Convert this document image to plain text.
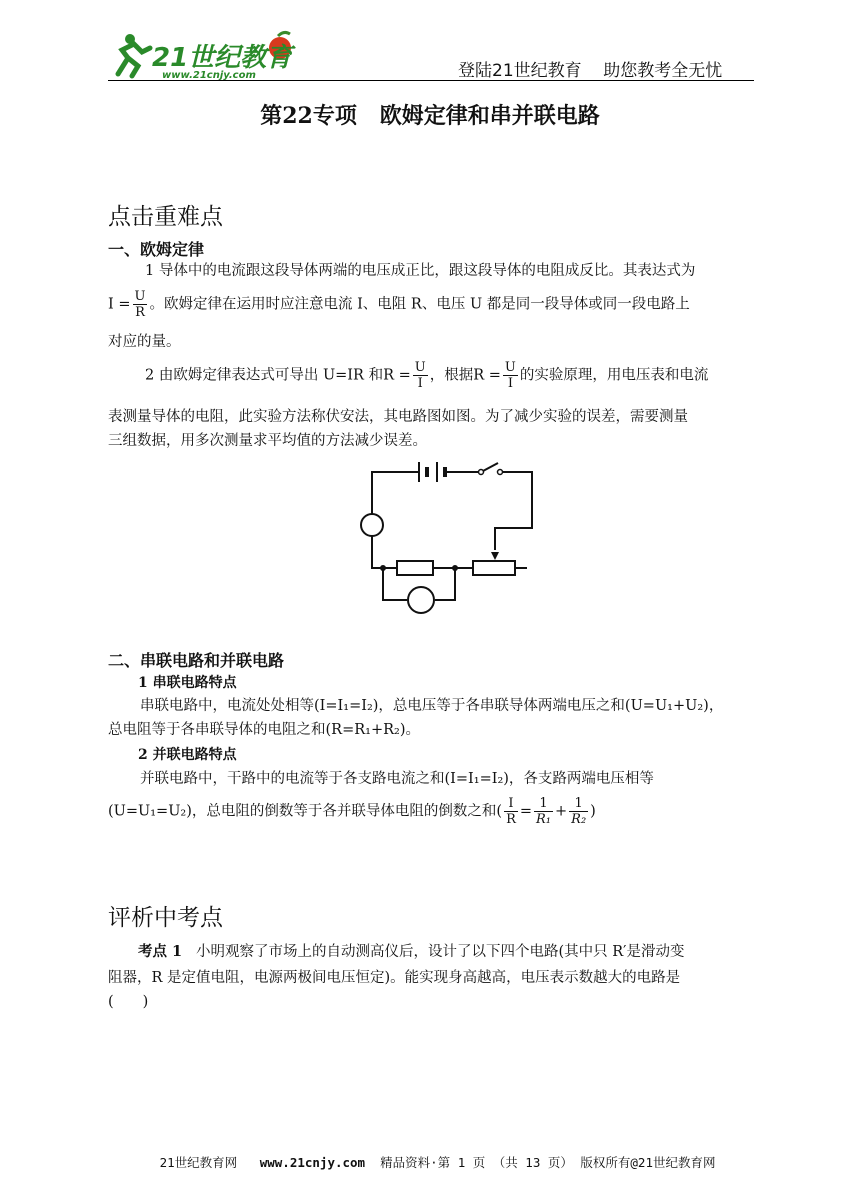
21世纪教育
www.21cnjy.com	登陆21世纪教育    助您教考全无忧
第22专项   欧姆定律和串并联电路
点击重难点
一、欧姆定律
1 导体中的电流跟这段导体两端的电压成正比，跟这段导体的电阻成反比。其表达式为
$I = \frac{U}{R}$ 。欧姆定律在运用时应注意电流 I、电阻 R、电压 U 都是同一段导体或同一段电路上
对应的量。
2 由欧姆定律表达式可导出 U=IR 和$R = \frac{U}{I}$ ，根据$R = \frac{U}{I}$ 的实验原理，用电压表和电流
表测量导体的电阻，此实验方法称伏安法，其电路图如图。为了减少实验的误差，需要测量
三组数据，用多次测量求平均值的方法减少误差。
二、串联电路和并联电路
1 串联电路特点
串联电路中，电流处处相等(I=I₁=I₂)，总电压等于各串联导体两端电压之和(U=U₁+U₂)，
总电阻等于各串联导体的电阻之和(R=R₁+R₂)。
2 并联电路特点
并联电路中，干路中的电流等于各支路电流之和(I=I₁=I₂)，各支路两端电压相等
(U=U₁=U₂)，总电阻的倒数等于各并联导体电阻的倒数之和( $\frac{I}{R} = \frac{1}{\text{R₁}} + \frac{1}{\text{R₂}}$ )
评析中考点
考点 1 小明观察了市场上的自动测高仪后，设计了以下四个电路(其中只 R′是滑动变
阻器，R 是定值电阻，电源两极间电压恒定)。能实现身高越高，电压表示数越大的电路是
(　　)

21世纪教育网 www.21cnjy.com 精品资料·第 1 页 （共 13 页） 版权所有@21世纪教育网
